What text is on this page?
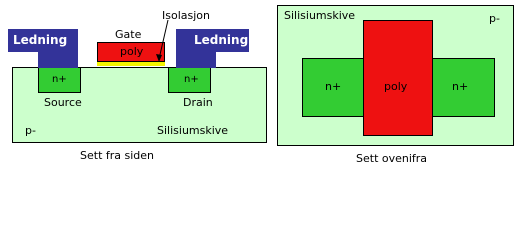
Ledning	Ledning
Gate
poly
Isolasjon
n+	n+
Source	Drain
p-	Silisiumskive
Sett fra siden
Silisiumskive	p-
n+	poly	n+
Sett ovenifra
